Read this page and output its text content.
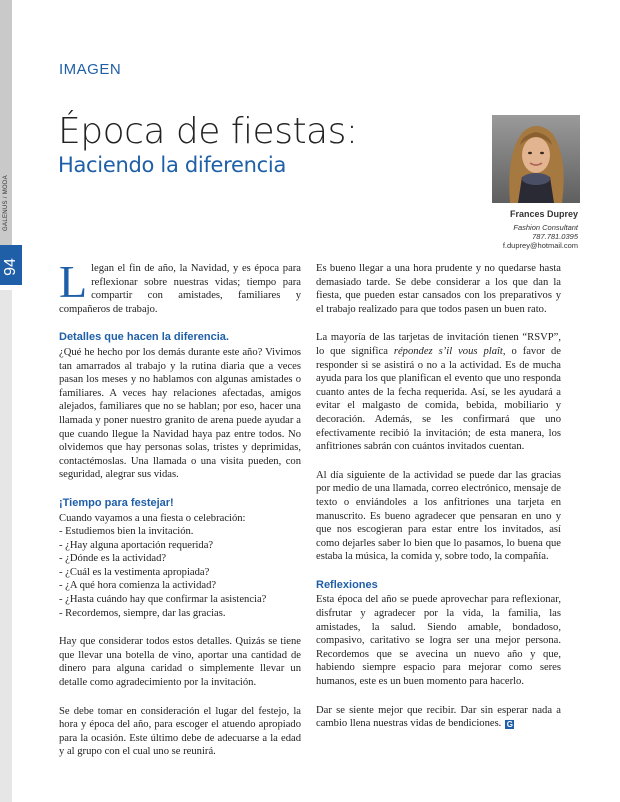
GALENUS / MODA
94
IMAGEN
Época de fiestas:
Haciendo la diferencia
Frances Duprey
Fashion Consultant
787.781.0395
f.duprey@hotmail.com

Llegan el fin de año, la Navidad, y es época para reflexionar sobre nuestras vidas; tiempo para compartir con amistades, familiares y compañeros de trabajo.

Detalles que hacen la diferencia.

¿Qué he hecho por los demás durante este año? Vivimos tan amarrados al trabajo y la rutina diaria que a veces pasan los meses y no hablamos con algunas amistades o familiares. A veces hay relaciones afectadas, amigos alejados, familiares que no se hablan; por eso, hacer una llamada y poner nuestro granito de arena puede ayudar a que cuando llegue la Navidad haya paz entre todos. No olvidemos que hay personas solas, tristes y deprimidas, contactémoslas. Una llamada o una visita pueden, con seguridad, alegrar sus vidas.

¡Tiempo para festejar!
Cuando vayamos a una fiesta o celebración:
- Estudiemos bien la invitación.
- ¿Hay alguna aportación requerida?
- ¿Dónde es la actividad?
- ¿Cuál es la vestimenta apropiada?
- ¿A qué hora comienza la actividad?
- ¿Hasta cuándo hay que confirmar la asistencia?
- Recordemos, siempre, dar las gracias.

Hay que considerar todos estos detalles. Quizás se tiene que llevar una botella de vino, aportar una cantidad de dinero para alguna caridad o simplemente llevar un detalle como agradecimiento por la invitación.

Se debe tomar en consideración el lugar del festejo, la hora y época del año, para escoger el atuendo apropiado para la ocasión. Este último debe de adecuarse a la edad y al grupo con el cual uno se reunirá.

Es bueno llegar a una hora prudente y no quedarse hasta demasiado tarde. Se debe considerar a los que dan la fiesta, que pueden estar cansados con los preparativos y el trabajo realizado para que todos pasen un buen rato.

La mayoría de las tarjetas de invitación tienen “RSVP”, lo que significa répondez s’il vous plaît, o favor de responder si se asistirá o no a la actividad. Es de mucha ayuda para los que planifican el evento que uno responda cuanto antes de la fecha requerida. Así, se les ayudará a evitar el malgasto de comida, bebida, mobiliario y decoración. Además, se les confirmará que uno efectivamente recibió la invitación; de esta manera, los anfitriones sabrán con cuántos invitados cuentan.

Al día siguiente de la actividad se puede dar las gracias por medio de una llamada, correo electrónico, mensaje de texto o enviándoles a los anfitriones una tarjeta en manuscrito. Es bueno agradecer que pensaran en uno y que nos escogieran para estar entre los invitados, así como dejarles saber lo bien que lo pasamos, lo buena que estaba la música, la comida y, sobre todo, la compañía.

Reflexiones

Esta época del año se puede aprovechar para reflexionar, disfrutar y agradecer por la vida, la familia, las amistades, la salud. Siendo amable, bondadoso, compasivo, caritativo se logra ser una mejor persona. Recordemos que se avecina un nuevo año y que, habiendo siempre espacio para mejorar como seres humanos, este es un buen momento para hacerlo.

Dar se siente mejor que recibir. Dar sin esperar nada a cambio llena nuestras vidas de bendiciones. G
